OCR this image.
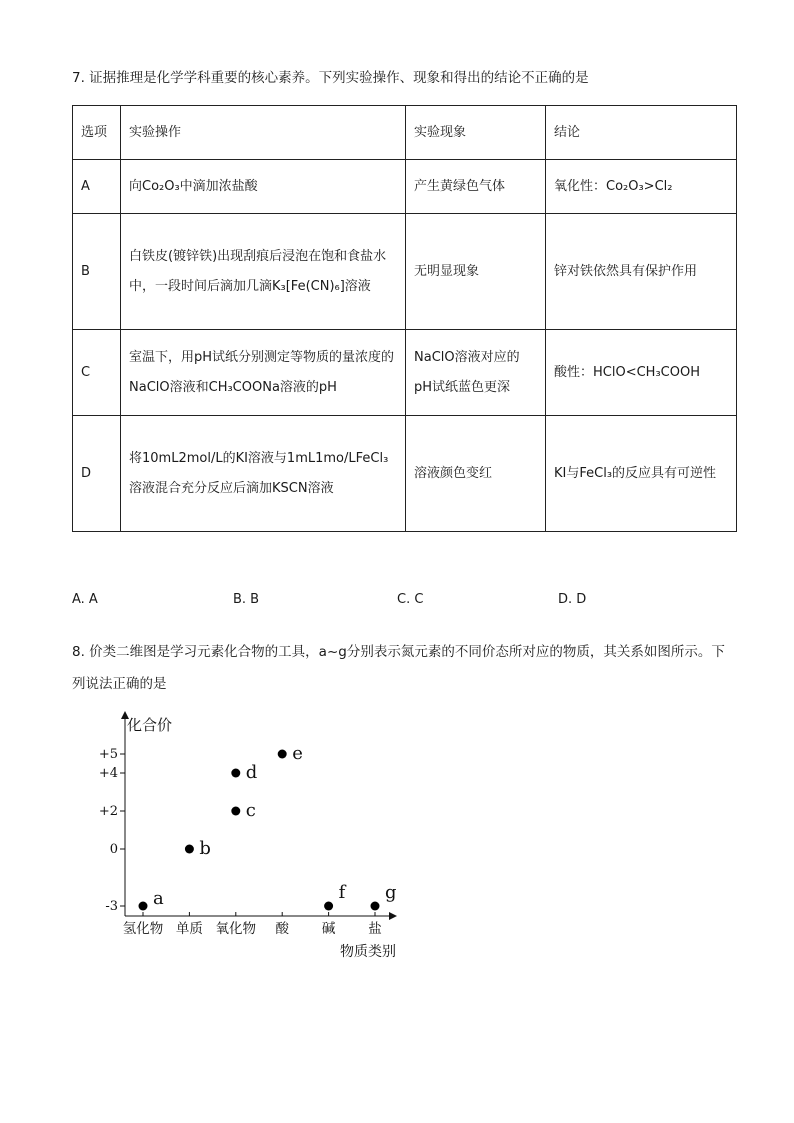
7. 证据推理是化学学科重要的核心素养。下列实验操作、现象和得出的结论不正确的是
选项	实验操作	实验现象	结论
A	向Co₂O₃中滴加浓盐酸	产生黄绿色气体	氧化性：Co₂O₃>Cl₂
B	白铁皮(镀锌铁)出现刮痕后浸泡在饱和食盐水中，一段时间后滴加几滴K₃[Fe(CN)₆]溶液	无明显现象	锌对铁依然具有保护作用
C	室温下，用pH试纸分别测定等物质的量浓度的NaClO溶液和CH₃COONa溶液的pH	NaClO溶液对应的pH试纸蓝色更深	酸性：HClO<CH₃COOH
D	将10mL2mol/L的KI溶液与1mL1mo/LFeCl₃溶液混合充分反应后滴加KSCN溶液	溶液颜色变红	KI与FeCl₃的反应具有可逆性
A. A	B. B	C. C	D. D
8. 价类二维图是学习元素化合物的工具，a~g分别表示氮元素的不同价态所对应的物质，其关系如图所示。下列说法正确的是
化合价
物质类别
+5
+4
+2
0
-3
氢化物 单质 氧化物 酸 碱 盐
a
b
c
d
e
f g
